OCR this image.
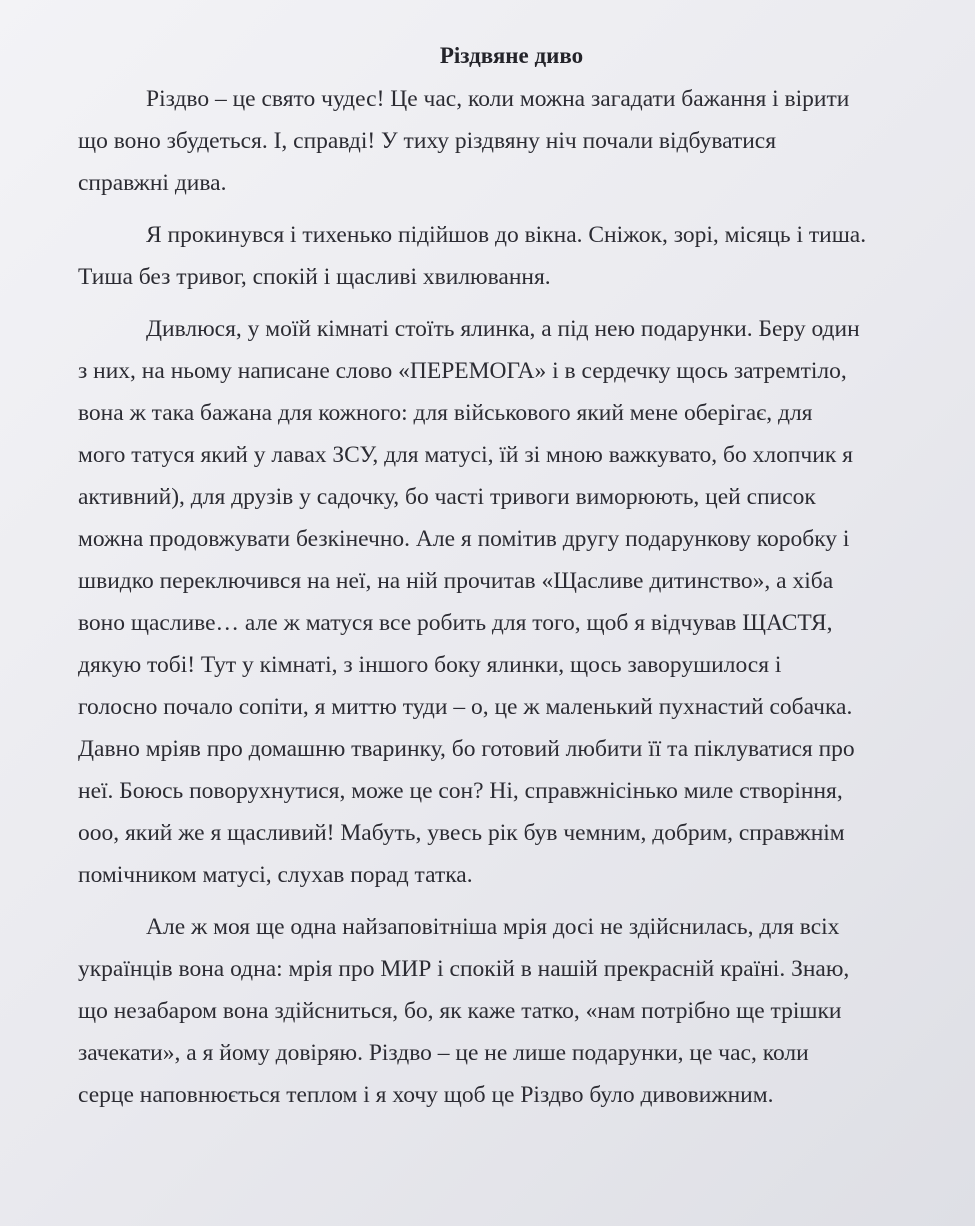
Різдвяне диво

Різдво – це свято чудес! Це час, коли можна загадати бажання і вірити
що воно збудеться. І, справді! У тиху різдвяну ніч почали відбуватися
справжні дива.

Я прокинувся і тихенько підійшов до вікна. Сніжок, зорі, місяць і тиша.
Тиша без тривог, спокій і щасливі хвилювання.

Дивлюся, у моїй кімнаті стоїть ялинка, а під нею подарунки. Беру один
з них, на ньому написане слово «ПЕРЕМОГА» і в сердечку щось затремтіло,
вона ж така бажана для кожного: для військового який мене оберігає, для
мого татуся який у лавах ЗСУ, для матусі, їй зі мною важкувато, бо хлопчик я
активний), для друзів у садочку, бо часті тривоги виморюють, цей список
можна продовжувати безкінечно. Але я помітив другу подарункову коробку і
швидко переключився на неї, на ній прочитав «Щасливе дитинство», а хіба
воно щасливе… але ж матуся все робить для того, щоб я відчував ЩАСТЯ,
дякую тобі! Тут у кімнаті, з іншого боку ялинки, щось заворушилося і
голосно почало сопіти, я миттю туди – о, це ж маленький пухнастий собачка.
Давно мріяв про домашню тваринку, бо готовий любити її та піклуватися про
неї. Боюсь поворухнутися, може це сон? Ні, справжнісінько миле створіння,
ооо, який же я щасливий! Мабуть, увесь рік був чемним, добрим, справжнім
помічником матусі, слухав порад татка.

Але ж моя ще одна найзаповітніша мрія досі не здійснилась, для всіх
українців вона одна: мрія про МИР і спокій в нашій прекрасній країні. Знаю,
що незабаром вона здійсниться, бо, як каже татко, «нам потрібно ще трішки
зачекати», а я йому довіряю. Різдво – це не лише подарунки, це час, коли
серце наповнюється теплом і я хочу щоб це Різдво було дивовижним.
